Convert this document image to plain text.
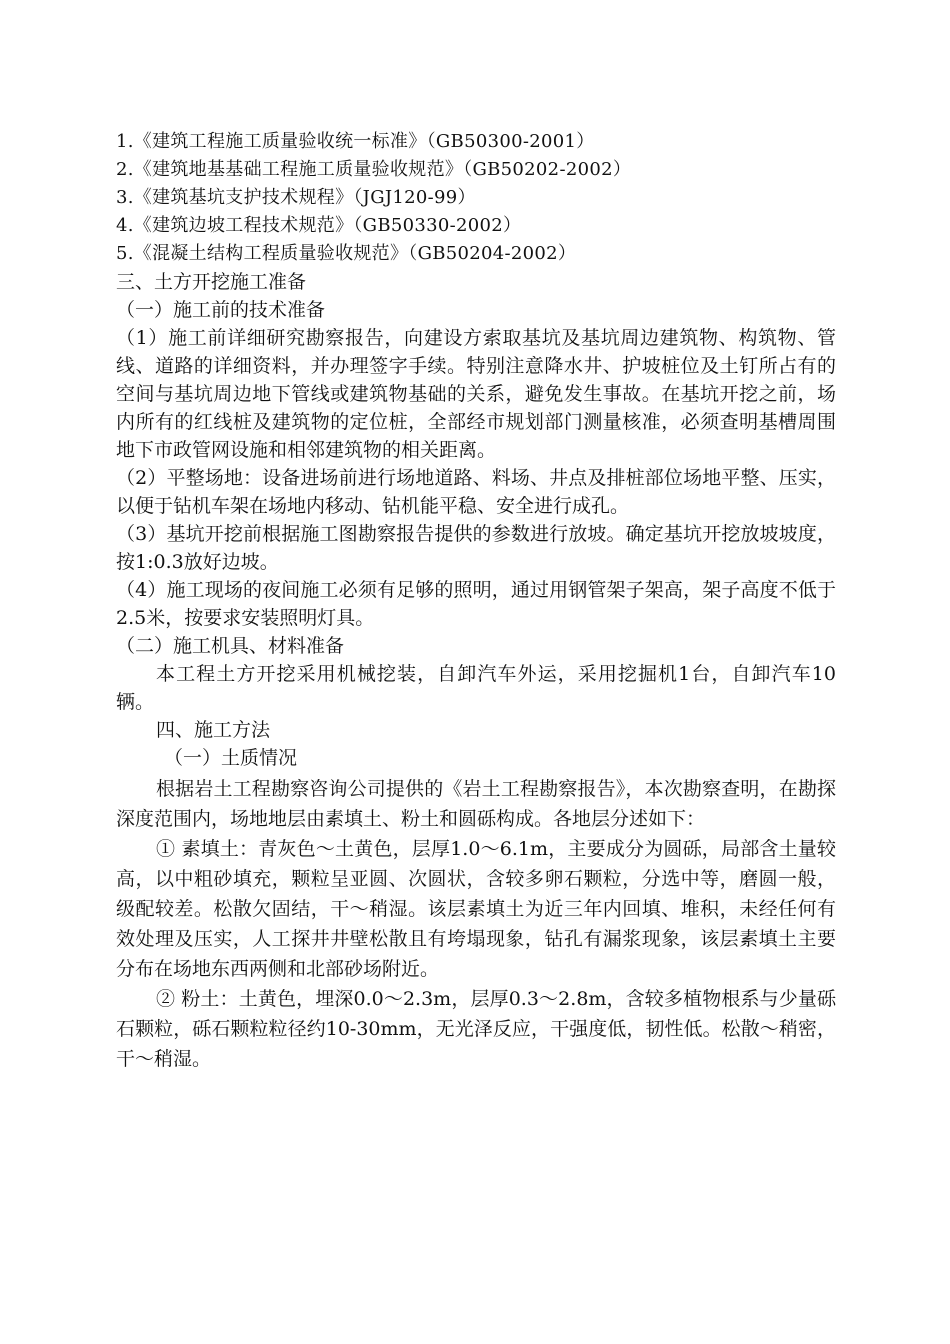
1.《建筑工程施工质量验收统一标准》（GB50300-2001）

2.《建筑地基基础工程施工质量验收规范》（GB50202-2002）

3.《建筑基坑支护技术规程》（JGJ120-99）

4.《建筑边坡工程技术规范》（GB50330-2002）

5.《混凝土结构工程质量验收规范》（GB50204-2002）

三、土方开挖施工准备

（一）施工前的技术准备

（1）施工前详细研究勘察报告，向建设方索取基坑及基坑周边建筑物、构筑物、管线、道路的详细资料，并办理签字手续。特别注意降水井、护坡桩位及土钉所占有的空间与基坑周边地下管线或建筑物基础的关系，避免发生事故。在基坑开挖之前，场内所有的红线桩及建筑物的定位桩，全部经市规划部门测量核准，必须查明基槽周围地下市政管网设施和相邻建筑物的相关距离。

（2）平整场地：设备进场前进行场地道路、料场、井点及排桩部位场地平整、压实，以便于钻机车架在场地内移动、钻机能平稳、安全进行成孔。

（3）基坑开挖前根据施工图勘察报告提供的参数进行放坡。确定基坑开挖放坡坡度，按1:0.3放好边坡。

（4）施工现场的夜间施工必须有足够的照明，通过用钢管架子架高，架子高度不低于2.5米，按要求安装照明灯具。

（二）施工机具、材料准备

本工程土方开挖采用机械挖装，自卸汽车外运，采用挖掘机1台，自卸汽车10辆。

四、施工方法

（一）土质情况

根据岩土工程勘察咨询公司提供的《岩土工程勘察报告》，本次勘察查明，在勘探深度范围内，场地地层由素填土、粉土和圆砾构成。各地层分述如下：

① 素填土：青灰色～土黄色，层厚1.0～6.1m，主要成分为圆砾，局部含土量较高，以中粗砂填充，颗粒呈亚圆、次圆状，含较多卵石颗粒，分选中等，磨圆一般，级配较差。松散欠固结，干～稍湿。该层素填土为近三年内回填、堆积，未经任何有效处理及压实，人工探井井壁松散且有垮塌现象，钻孔有漏浆现象，该层素填土主要分布在场地东西两侧和北部砂场附近。

② 粉土：土黄色，埋深0.0～2.3m，层厚0.3～2.8m，含较多植物根系与少量砾石颗粒，砾石颗粒粒径约10-30mm，无光泽反应，干强度低，韧性低。松散～稍密，干～稍湿。
